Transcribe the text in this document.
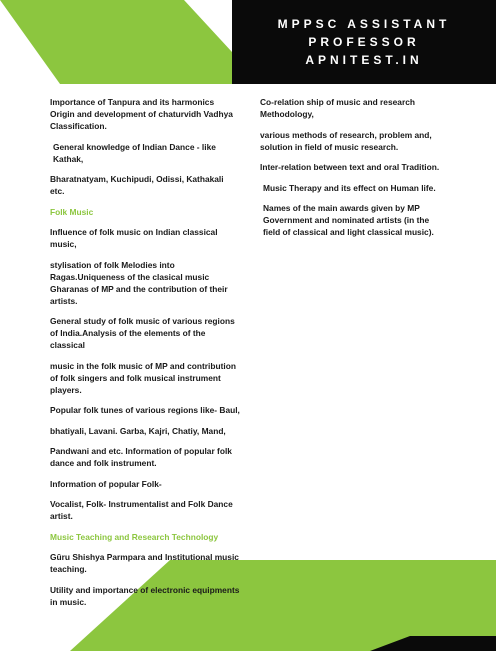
MPPSC ASSISTANT
PROFESSOR
APNITEST.IN

Importance of Tanpura and its harmonics Origin and development of chaturvidh Vadhya Classification.

General knowledge of Indian Dance - like Kathak,

Bharatnatyam, Kuchipudi, Odissi, Kathakali etc.

Folk Music

Influence of folk music on Indian classical music,

stylisation of folk Melodies into Ragas.Uniqueness of the clasical music Gharanas of MP and the contribution of their artists.

General study of folk music of various regions of India.Analysis of the elements of the classical

music in the folk music of MP and contribution of folk singers and folk musical instrument players.

Popular folk tunes of various regions like- Baul,

bhatiyali, Lavani. Garba, Kajri, Chatiy, Mand,

Pandwani and etc. Information of popular folk dance and folk instrument.

Information of popular Folk-

Vocalist, Folk- Instrumentalist and Folk Dance artist.

Music Teaching and Research Technology

Gūru Shishya Parmpara and Institutional music teaching.

Utility and importance of electronic equipments in music.

Co-relation ship of music and research Methodology,

various methods of research, problem and, solution in field of music research.

Inter-relation between text and oral Tradition.

Music Therapy and its effect on Human life.

Names of the main awards given by MP Government and nominated artists (in the field of classical and light classical music).
